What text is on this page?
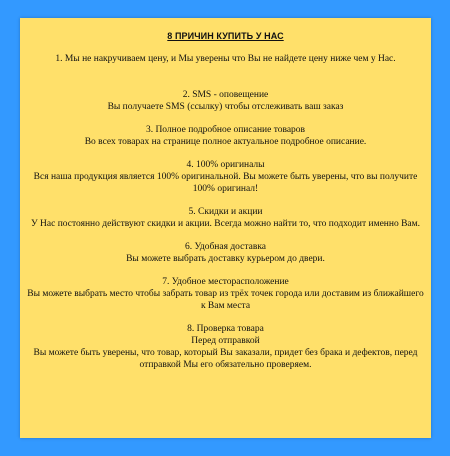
8 ПРИЧИН КУПИТЬ У НАС
1. Мы не накручиваем цену, и Мы уверены что Вы не найдете цену ниже чем у Нас.
2. SMS - оповещение
Вы получаете SMS (ссылку) чтобы отслеживать ваш заказ
3. Полное подробное описание товаров
Во всех товарах на странице полное актуальное подробное описание.
4. 100% оригиналы
Вся наша продукция является 100% оригинальной. Вы можете быть уверены, что вы получите 100% оригинал!
5. Скидки и акции
У Нас постоянно действуют скидки и акции. Всегда можно найти то, что подходит именно Вам.
6. Удобная доставка
Вы можете выбрать доставку курьером до двери.
7. Удобное месторасположение
Вы можете выбрать место чтобы забрать товар из трёх точек города или доставим из ближайшего к Вам места
8. Проверка товара
Перед отправкой
Вы можете быть уверены, что товар, который Вы заказали, придет без брака и дефектов, перед отправкой Мы его обязательно проверяем.
